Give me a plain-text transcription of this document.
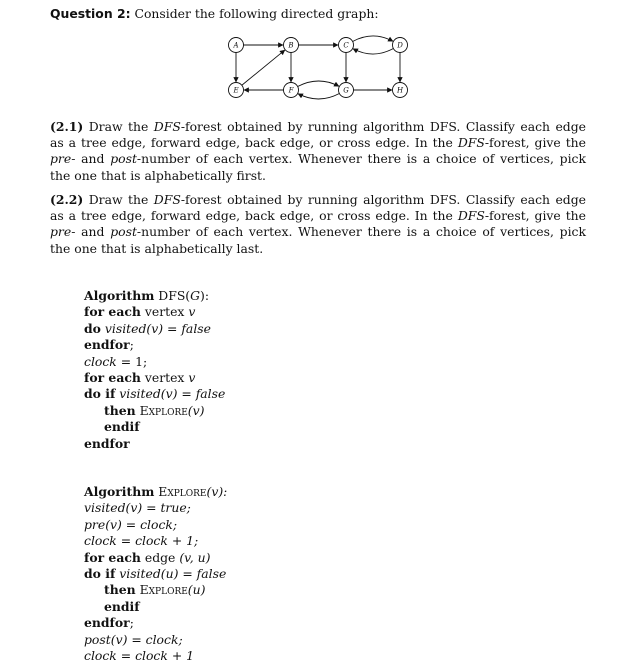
Question 2: Consider the following directed graph:
A	B	C	D
E	F	G	H
(2.1) Draw the DFS-forest obtained by running algorithm DFS. Classify each edge as a tree edge, forward edge, back edge, or cross edge. In the DFS-forest, give the pre- and post-number of each vertex. Whenever there is a choice of vertices, pick the one that is alphabetically first.
(2.2) Draw the DFS-forest obtained by running algorithm DFS. Classify each edge as a tree edge, forward edge, back edge, or cross edge. In the DFS-forest, give the pre- and post-number of each vertex. Whenever there is a choice of vertices, pick the one that is alphabetically last.
Algorithm DFS(G):
for each vertex v
do visited(v) = false
endfor;
clock = 1;
for each vertex v
do if visited(v) = false
then Explore(v)
endif
endfor
Algorithm Explore(v):
visited(v) = true;
pre(v) = clock;
clock = clock + 1;
for each edge (v, u)
do if visited(u) = false
then Explore(u)
endif
endfor;
post(v) = clock;
clock = clock + 1
